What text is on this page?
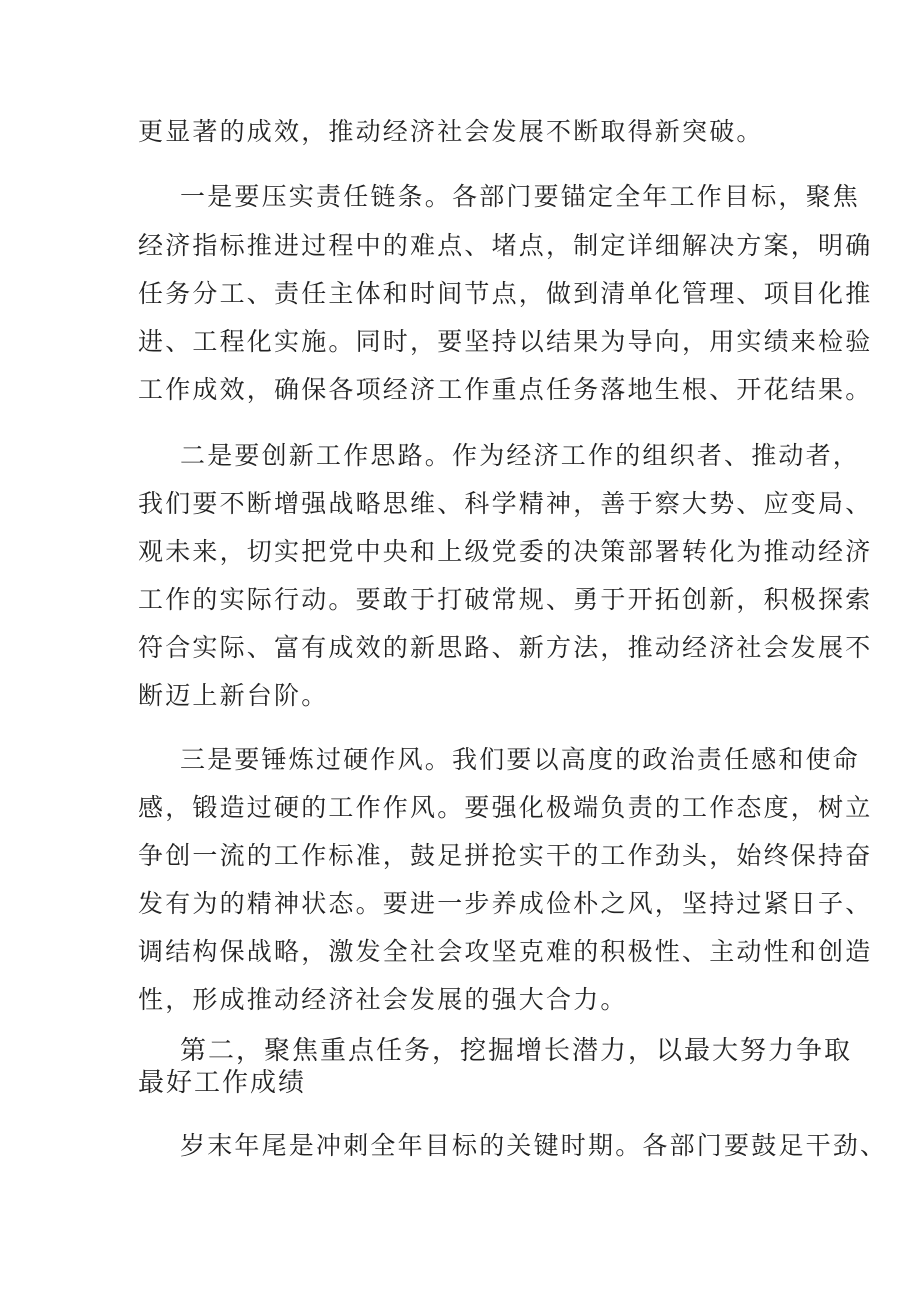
更显著的成效，推动经济社会发展不断取得新突破。

一是要压实责任链条。各部门要锚定全年工作目标，聚焦

经济指标推进过程中的难点、堵点，制定详细解决方案，明确

任务分工、责任主体和时间节点，做到清单化管理、项目化推

进、工程化实施。同时，要坚持以结果为导向，用实绩来检验

工作成效，确保各项经济工作重点任务落地生根、开花结果。

二是要创新工作思路。作为经济工作的组织者、推动者，

我们要不断增强战略思维、科学精神，善于察大势、应变局、

观未来，切实把党中央和上级党委的决策部署转化为推动经济

工作的实际行动。要敢于打破常规、勇于开拓创新，积极探索

符合实际、富有成效的新思路、新方法，推动经济社会发展不

断迈上新台阶。

三是要锤炼过硬作风。我们要以高度的政治责任感和使命

感，锻造过硬的工作作风。要强化极端负责的工作态度，树立

争创一流的工作标准，鼓足拼抢实干的工作劲头，始终保持奋

发有为的精神状态。要进一步养成俭朴之风，坚持过紧日子、

调结构保战略，激发全社会攻坚克难的积极性、主动性和创造

性，形成推动经济社会发展的强大合力。

第二，聚焦重点任务，挖掘增长潜力，以最大努力争取

最好工作成绩

岁末年尾是冲刺全年目标的关键时期。各部门要鼓足干劲、
